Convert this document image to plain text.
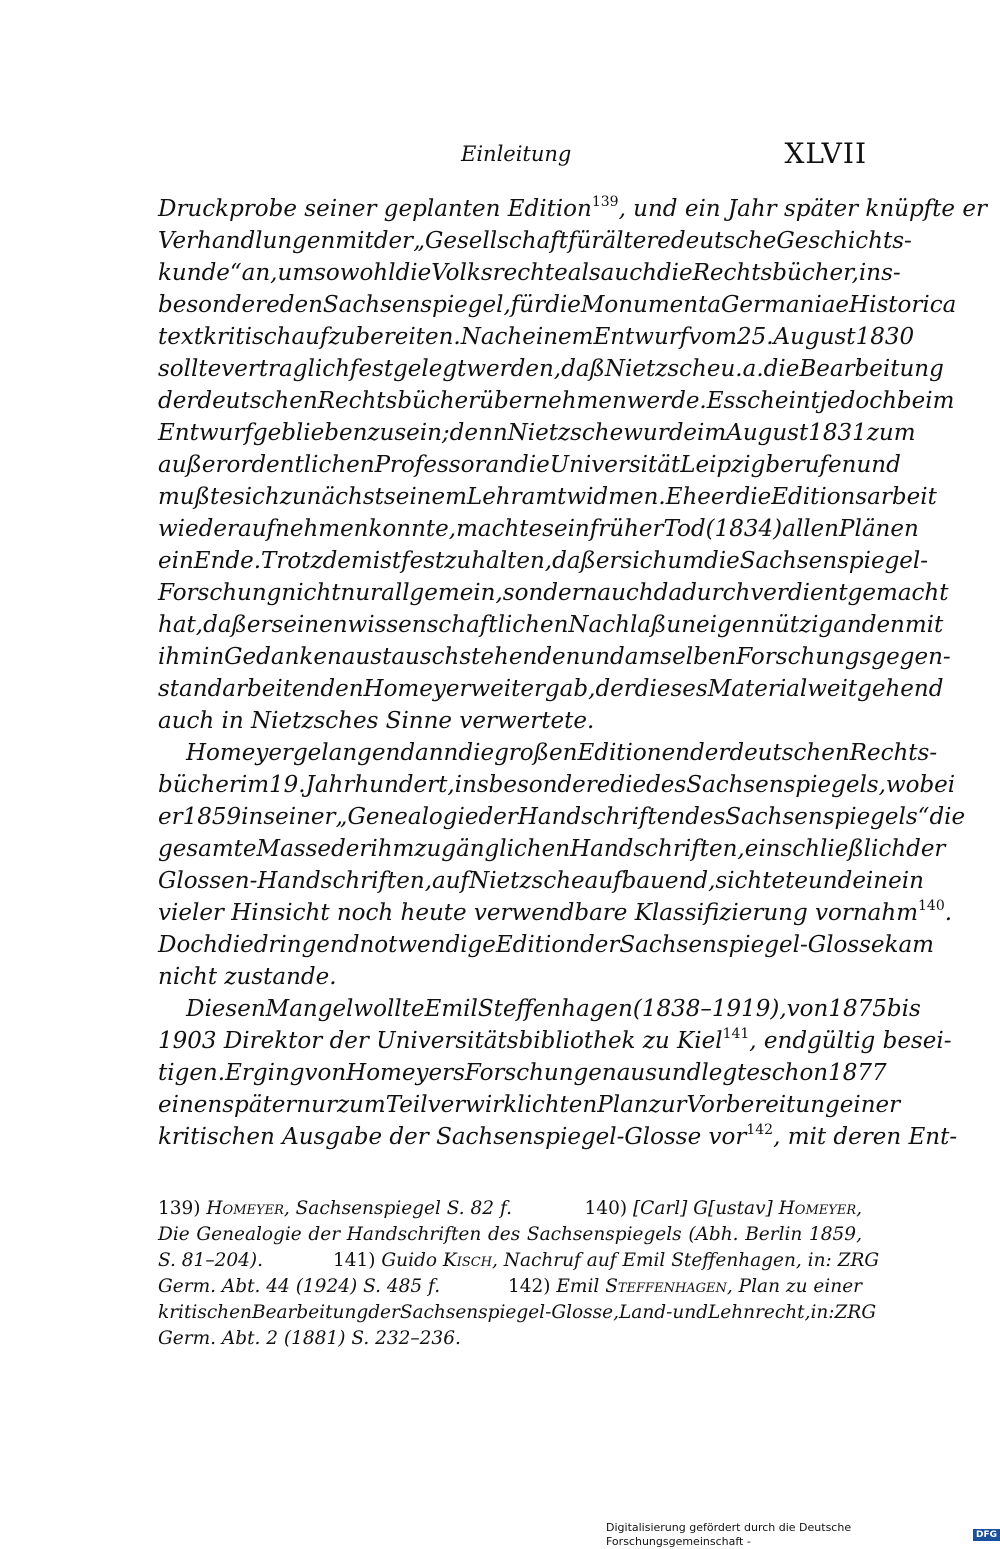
Einleitung	XLVII
Druckprobe seiner geplanten Edition$^{139}$, und ein Jahr später knüpfte er
Verhandlungen mit der „Gesellschaft für ältere deutsche Geschichts-
kunde“ an, um sowohl die Volksrechte als auch die Rechtsbücher, ins-
besondere den Sachsenspiegel, für die Monumenta Germaniae Historica
textkritisch aufzubereiten. Nach einem Entwurf vom 25. August 1830
sollte vertraglich festgelegt werden, daß Nietzsche u. a. die Bearbeitung
der deutschen Rechtsbücher übernehmen werde. Es scheint jedoch beim
Entwurf geblieben zu sein; denn Nietzsche wurde im August 1831 zum
außerordentlichen Professor an die Universität Leipzig berufen und
mußte sich zunächst seinem Lehramt widmen. Ehe er die Editionsarbeit
wieder aufnehmen konnte, machte sein früher Tod (1834) allen Plänen
ein Ende. Trotzdem ist festzuhalten, daß er sich um die Sachsenspiegel-
Forschung nicht nur allgemein, sondern auch dadurch verdient gemacht
hat, daß er seinen wissenschaftlichen Nachlaß uneigennützig an den mit
ihm in Gedankenaustausch stehenden und am selben Forschungsgegen-
stand arbeitenden Homeyer weitergab, der dieses Material weitgehend
auch in Nietzsches Sinne verwertete.
Homeyer gelangen dann die großen Editionen der deutschen Rechts-
bücher im 19. Jahrhundert, insbesondere die des Sachsenspiegels, wobei
er 1859 in seiner „Genealogie der Handschriften des Sachsenspiegels“ die
gesamte Masse der ihm zugänglichen Handschriften, einschließlich der
Glossen-Handschriften, auf Nietzsche aufbauend, sichtete und eine in
vieler Hinsicht noch heute verwendbare Klassifizierung vornahm$^{140}$.
Doch die dringend notwendige Edition der Sachsenspiegel-Glosse kam
nicht zustande.
Diesen Mangel wollte Emil Steffenhagen (1838–1919), von 1875 bis
1903 Direktor der Universitätsbibliothek zu Kiel$^{141}$, endgültig besei-
tigen. Er ging von Homeyers Forschungen aus und legte schon 1877
einen später nur zum Teil verwirklichten Plan zur Vorbereitung einer
kritischen Ausgabe der Sachsenspiegel-Glosse vor$^{142}$, mit deren Ent-
139) Homeyer, Sachsenspiegel S. 82 f.	140) [Carl] G[ustav] Homeyer,
Die Genealogie der Handschriften des Sachsenspiegels (Abh. Berlin 1859,
S. 81–204).	141) Guido Kisch, Nachruf auf Emil Steffenhagen, in: ZRG
Germ. Abt. 44 (1924) S. 485 f.	142) Emil Steffenhagen, Plan zu einer
kritischen Bearbeitung der Sachsenspiegel-Glosse, Land- und Lehnrecht, in: ZRG
Germ. Abt. 2 (1881) S. 232–236.
Digitalisierung gefördert durch die Deutsche Forschungsgemeinschaft -	DFG
